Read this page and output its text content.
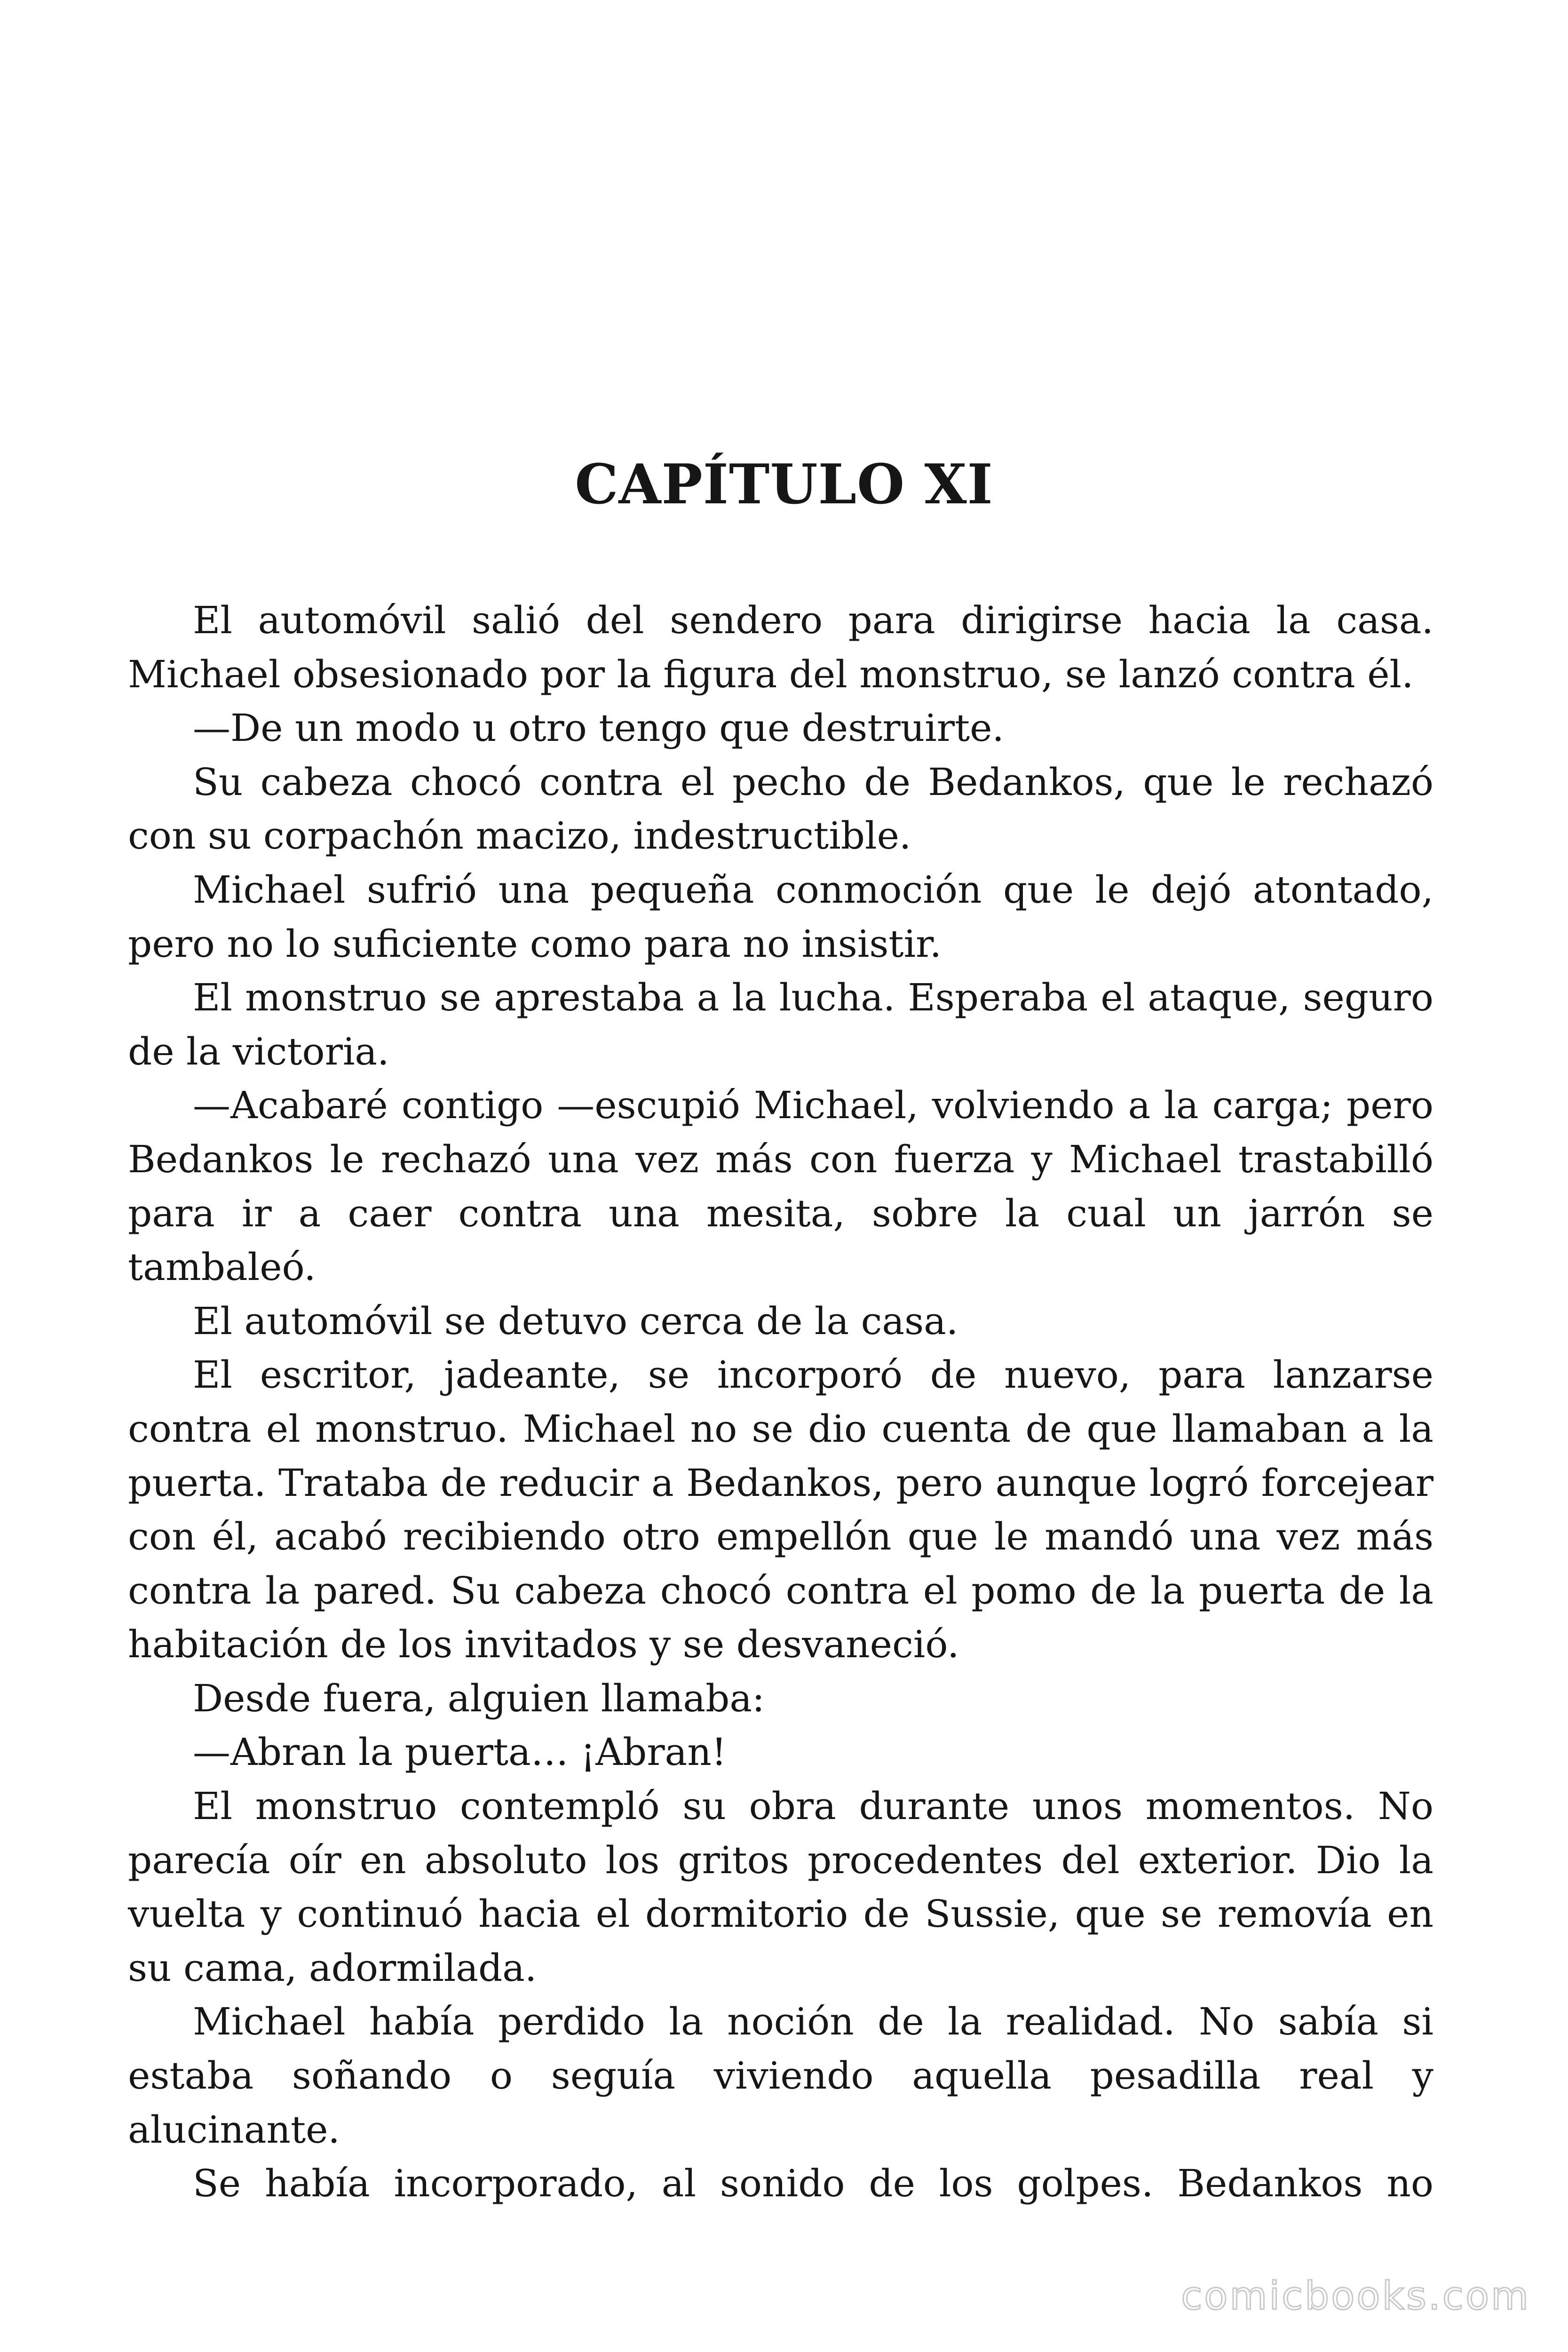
CAPÍTULO XI

El automóvil salió del sendero para dirigirse hacia la casa. Michael obsesionado por la figura del monstruo, se lanzó contra él.

—De un modo u otro tengo que destruirte.

Su cabeza chocó contra el pecho de Bedankos, que le rechazó con su corpachón macizo, indestructible.

Michael sufrió una pequeña conmoción que le dejó atontado, pero no lo suficiente como para no insistir.

El monstruo se aprestaba a la lucha. Esperaba el ataque, seguro de la victoria.

—Acabaré contigo —escupió Michael, volviendo a la carga; pero Bedankos le rechazó una vez más con fuerza y Michael trastabilló para ir a caer contra una mesita, sobre la cual un jarrón se tambaleó.

El automóvil se detuvo cerca de la casa.

El escritor, jadeante, se incorporó de nuevo, para lanzarse contra el monstruo. Michael no se dio cuenta de que llamaban a la puerta. Trataba de reducir a Bedankos, pero aunque logró forcejear con él, acabó recibiendo otro empellón que le mandó una vez más contra la pared. Su cabeza chocó contra el pomo de la puerta de la habitación de los invitados y se desvaneció.

Desde fuera, alguien llamaba:

—Abran la puerta… ¡Abran!

El monstruo contempló su obra durante unos momentos. No parecía oír en absoluto los gritos procedentes del exterior. Dio la vuelta y continuó hacia el dormitorio de Sussie, que se removía en su cama, adormilada.

Michael había perdido la noción de la realidad. No sabía si estaba soñando o seguía viviendo aquella pesadilla real y alucinante.

Se había incorporado, al sonido de los golpes. Bedankos no

comicbooks.com
